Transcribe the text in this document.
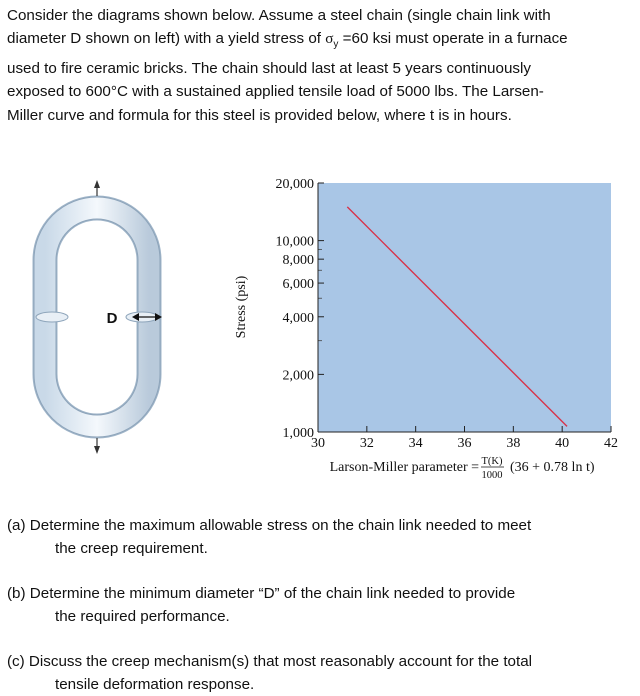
Consider the diagrams shown below. Assume a steel chain (single chain link with
diameter D shown on left) with a yield stress of $\sigma_y =60$ ksi must operate in a furnace
used to fire ceramic bricks. The chain should last at least 5 years continuously
exposed to 600°C with a sustained applied tensile load of 5000 lbs. The Larsen-
Miller curve and formula for this steel is provided below, where t is in hours.
D
1,000
2,000
4,000
6,000
8,000
10,000
20,000
30 32 34 36 38 40 42
Stress (psi)
Larson-Miller parameter = T(K)
1000
(36 + 0.78 ln t)
(a) Determine the maximum allowable stress on the chain link needed to meet
the creep requirement.
(b) Determine the minimum diameter “D” of the chain link needed to provide
the required performance.
(c) Discuss the creep mechanism(s) that most reasonably account for the total
tensile deformation response.
